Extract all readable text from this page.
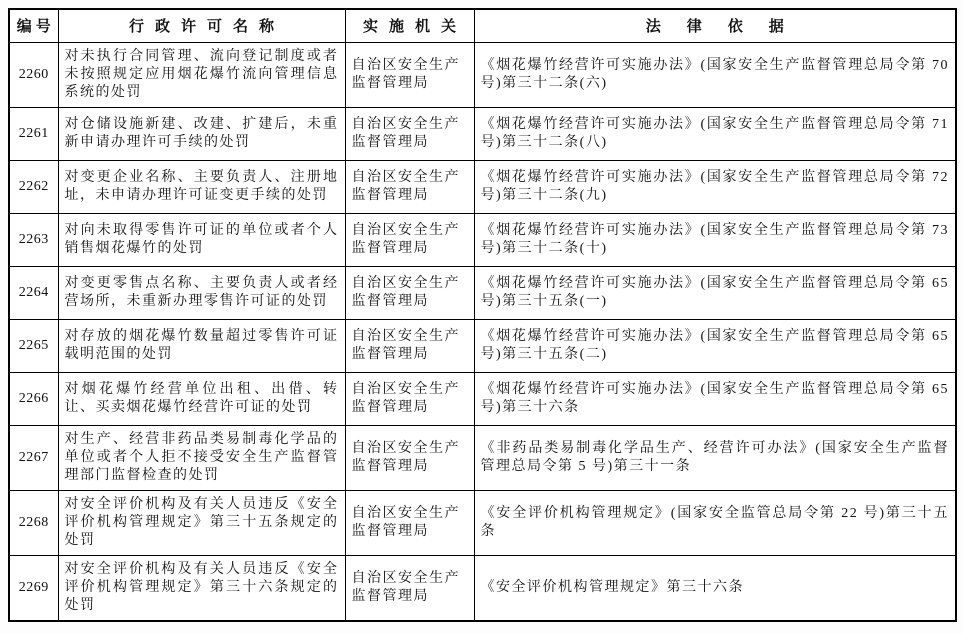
编号	行政许可名称	实施机关	法律依据
2260	对未执行合同管理、流向登记制度或者未按照规定应用烟花爆竹流向管理信息系统的处罚	自治区安全生产监督管理局	《烟花爆竹经营许可实施办法》(国家安全生产监督管理总局令第 70 号)第三十二条(六)
2261	对仓储设施新建、改建、扩建后，未重新申请办理许可手续的处罚	自治区安全生产监督管理局	《烟花爆竹经营许可实施办法》(国家安全生产监督管理总局令第 71 号)第三十二条(八)
2262	对变更企业名称、主要负责人、注册地址，未申请办理许可证变更手续的处罚	自治区安全生产监督管理局	《烟花爆竹经营许可实施办法》(国家安全生产监督管理总局令第 72 号)第三十二条(九)
2263	对向未取得零售许可证的单位或者个人销售烟花爆竹的处罚	自治区安全生产监督管理局	《烟花爆竹经营许可实施办法》(国家安全生产监督管理总局令第 73 号)第三十二条(十)
2264	对变更零售点名称、主要负责人或者经营场所，未重新办理零售许可证的处罚	自治区安全生产监督管理局	《烟花爆竹经营许可实施办法》(国家安全生产监督管理总局令第 65 号)第三十五条(一)
2265	对存放的烟花爆竹数量超过零售许可证载明范围的处罚	自治区安全生产监督管理局	《烟花爆竹经营许可实施办法》(国家安全生产监督管理总局令第 65 号)第三十五条(二)
2266	对烟花爆竹经营单位出租、出借、转让、买卖烟花爆竹经营许可证的处罚	自治区安全生产监督管理局	《烟花爆竹经营许可实施办法》(国家安全生产监督管理总局令第 65 号)第三十六条
2267	对生产、经营非药品类易制毒化学品的单位或者个人拒不接受安全生产监督管理部门监督检查的处罚	自治区安全生产监督管理局	《非药品类易制毒化学品生产、经营许可办法》(国家安全生产监督管理总局令第 5 号)第三十一条
2268	对安全评价机构及有关人员违反《安全评价机构管理规定》第三十五条规定的处罚	自治区安全生产监督管理局	《安全评价机构管理规定》(国家安全监管总局令第 22 号)第三十五条
2269	对安全评价机构及有关人员违反《安全评价机构管理规定》第三十六条规定的处罚	自治区安全生产监督管理局	《安全评价机构管理规定》第三十六条
